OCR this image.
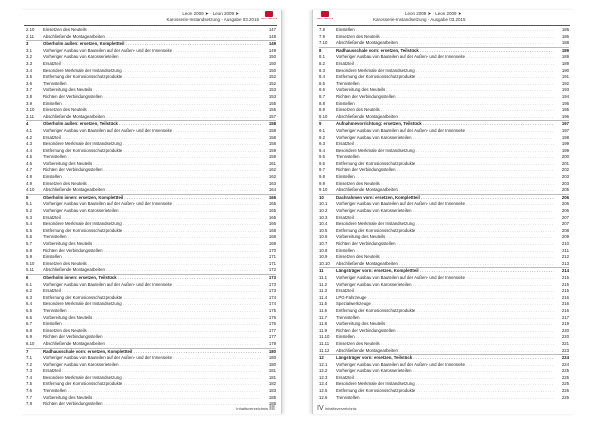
Leon 2009 ➤ · Leon 2009 ➤
Karosserie-Instandsetzung - Ausgabe 03.2015 SEAT SERVICE
2.10	Einsetzen des Neuteils . . .	147
2.11	Abschließende Montagearbeiten . . .	148
3	Oberholm außen: ersetzen, Komplettteil . . .	149
3.1	Vorheriger Ausbau von Bauteilen auf der Außen- und der Innenseite . . .	149
3.2	Vorheriger Ausbau von Karosserieteilen . . .	150
3.3	Ersatzteil . . .	150
3.4	Besondere Merkmale der Instandsetzung . . .	150
3.5	Entfernung der Korrosionsschutzprodukte . . .	152
3.6	Trennstellen . . .	152
3.7	Vorbereitung des Neuteils . . .	153
3.8	Richten der Verbindungsstellen . . .	153
3.9	Einstellen . . .	155
3.10	Einsetzen des Neuteils . . .	155
3.11	Abschließende Montagearbeiten . . .	157
4	Oberholm außen: ersetzen, Teilstück . . .	158
4.1	Vorheriger Ausbau von Bauteilen auf der Außen- und der Innenseite . . .	158
4.2	Ersatzteil . . .	158
4.3	Besondere Merkmale der Instandsetzung . . .	158
4.4	Entfernung der Korrosionsschutzprodukte . . .	159
4.5	Trennstellen . . .	159
4.6	Vorbereitung des Neuteils . . .	161
4.7	Richten der Verbindungsstellen . . .	162
4.8	Einstellen . . .	162
4.9	Einsetzen des Neuteils . . .	163
4.10	Abschließende Montagearbeiten . . .	164
5	Oberholm innen: ersetzen, Komplettteil . . .	165
5.1	Vorheriger Ausbau von Bauteilen auf der Außen- und der Innenseite . . .	165
5.2	Vorheriger Ausbau von Karosserieteilen . . .	165
5.3	Ersatzteil . . .	165
5.4	Besondere Merkmale der Instandsetzung . . .	166
5.5	Entfernung der Korrosionsschutzprodukte . . .	168
5.6	Trennstellen . . .	168
5.7	Vorbereitung des Neuteils . . .	169
5.8	Richten der Verbindungsstellen . . .	170
5.9	Einstellen . . .	171
5.10	Einsetzen des Neuteils . . .	171
5.11	Abschließende Montagearbeiten . . .	172
6	Oberholm innen: ersetzen, Teilstück . . .	173
6.1	Vorheriger Ausbau von Bauteilen auf der Außen- und der Innenseite . . .	173
6.2	Ersatzteil . . .	173
6.3	Entfernung der Korrosionsschutzprodukte . . .	174
6.4	Besondere Merkmale der Instandsetzung . . .	174
6.5	Trennstellen . . .	175
6.6	Vorbereitung des Neuteils . . .	176
6.7	Einstellen . . .	176
6.8	Einsetzen des Neuteils . . .	177
6.9	Richten der Verbindungsstellen . . .	177
6.10	Abschließende Montagearbeiten . . .	179
7	Radhausschale vorn: ersetzen, Komplettteil . . .	180
7.1	Vorheriger Ausbau von Bauteilen auf der Außen- und der Innenseite . . .	180
7.2	Vorheriger Ausbau von Karosserieteilen . . .	180
7.3	Ersatzteil . . .	181
7.4	Besondere Merkmale der Instandsetzung . . .	181
7.5	Entfernung der Korrosionsschutzprodukte . . .	182
7.6	Trennstellen . . .	183
7.7	Vorbereitung des Neuteils . . .	185
7.8	Richten der Verbindungsstellen . . .	185
Inhaltsverzeichnis III
SEAT SERVICE
Leon 2009 ➤ · Leon 2009 ➤
Karosserie-Instandsetzung - Ausgabe 03.2015
7.8	Einstellen . . .	186
7.9	Einsetzen des Neuteils . . .	186
7.10	Abschließende Montagearbeiten . . .	188
8	Radhausschale vorn: ersetzen, Teilstück . . .	189
8.1	Vorheriger Ausbau von Bauteilen auf der Außen- und der Innenseite . . .	189
8.2	Ersatzteil . . .	189
8.3	Besondere Merkmale der Instandsetzung . . .	190
8.4	Entfernung der Korrosionsschutzprodukte . . .	191
8.5	Trennstellen . . .	192
8.6	Vorbereitung des Neuteils . . .	193
8.7	Richten der Verbindungsstellen . . .	194
8.8	Einstellen . . .	195
8.9	Einsetzen des Neuteils . . .	195
8.10	Abschließende Montagearbeiten . . .	196
9	Aufnahmevorrichtung: ersetzen, Teilstück . . .	197
9.1	Vorheriger Ausbau von Bauteilen auf der Außen- und der Innenseite . . .	197
9.2	Vorheriger Ausbau von Karosserieteilen . . .	198
9.3	Ersatzteil . . .	199
9.4	Besondere Merkmale der Instandsetzung . . .	199
9.5	Trennstellen . . .	200
9.6	Entfernung der Korrosionsschutzprodukte . . .	201
9.7	Richten der Verbindungsstellen . . .	202
9.8	Einstellen . . .	203
9.9	Einsetzen des Neuteils . . .	203
9.10	Abschließende Montagearbeiten . . .	205
10	Dachrahmen vorn: ersetzen, Komplettteil . . .	206
10.1	Vorheriger Ausbau von Bauteilen auf der Außen- und der Innenseite . . .	206
10.2	Vorheriger Ausbau von Karosserieteilen . . .	206
10.3	Ersatzteil . . .	207
10.4	Besondere Merkmale der Instandsetzung . . .	207
10.5	Entfernung der Korrosionsschutzprodukte . . .	208
10.6	Vorbereitung des Neuteils . . .	209
10.7	Richten der Verbindungsstellen . . .	210
10.8	Einstellen . . .	211
10.9	Einsetzen des Neuteils . . .	212
10.10	Abschließende Montagearbeiten . . .	213
11	Längsträger vorn: ersetzen, Komplettteil . . .	214
11.1	Vorheriger Ausbau von Bauteilen auf der Außen- und der Innenseite . . .	215
11.2	Vorheriger Ausbau von Karosserieteilen . . .	215
11.3	Ersatzteil . . .	215
11.4	LPG-Fahrzeuge . . .	216
11.5	Spezialwerkzeuge . . .	216
11.6	Entfernung der Korrosionsschutzprodukte . . .	216
11.7	Trennstellen . . .	217
11.8	Vorbereitung des Neuteils . . .	219
11.9	Richten der Verbindungsstellen . . .	220
11.10	Einstellen . . .	220
11.11	Einsetzen des Neuteils . . .	221
11.12	Abschließende Montagearbeiten . . .	223
12	Längsträger vorn: ersetzen, Teilstück . . .	224
12.1	Vorheriger Ausbau von Bauteilen auf der Außen- und der Innenseite . . .	224
12.2	Vorheriger Ausbau von Karosserieteilen . . .	225
12.3	Ersatzteil . . .	225
12.4	Besondere Merkmale der Instandsetzung . . .	225
12.5	Entfernung der Korrosionsschutzprodukte . . .	226
12.6	Trennstellen . . .	226
IV Inhaltsverzeichnis
